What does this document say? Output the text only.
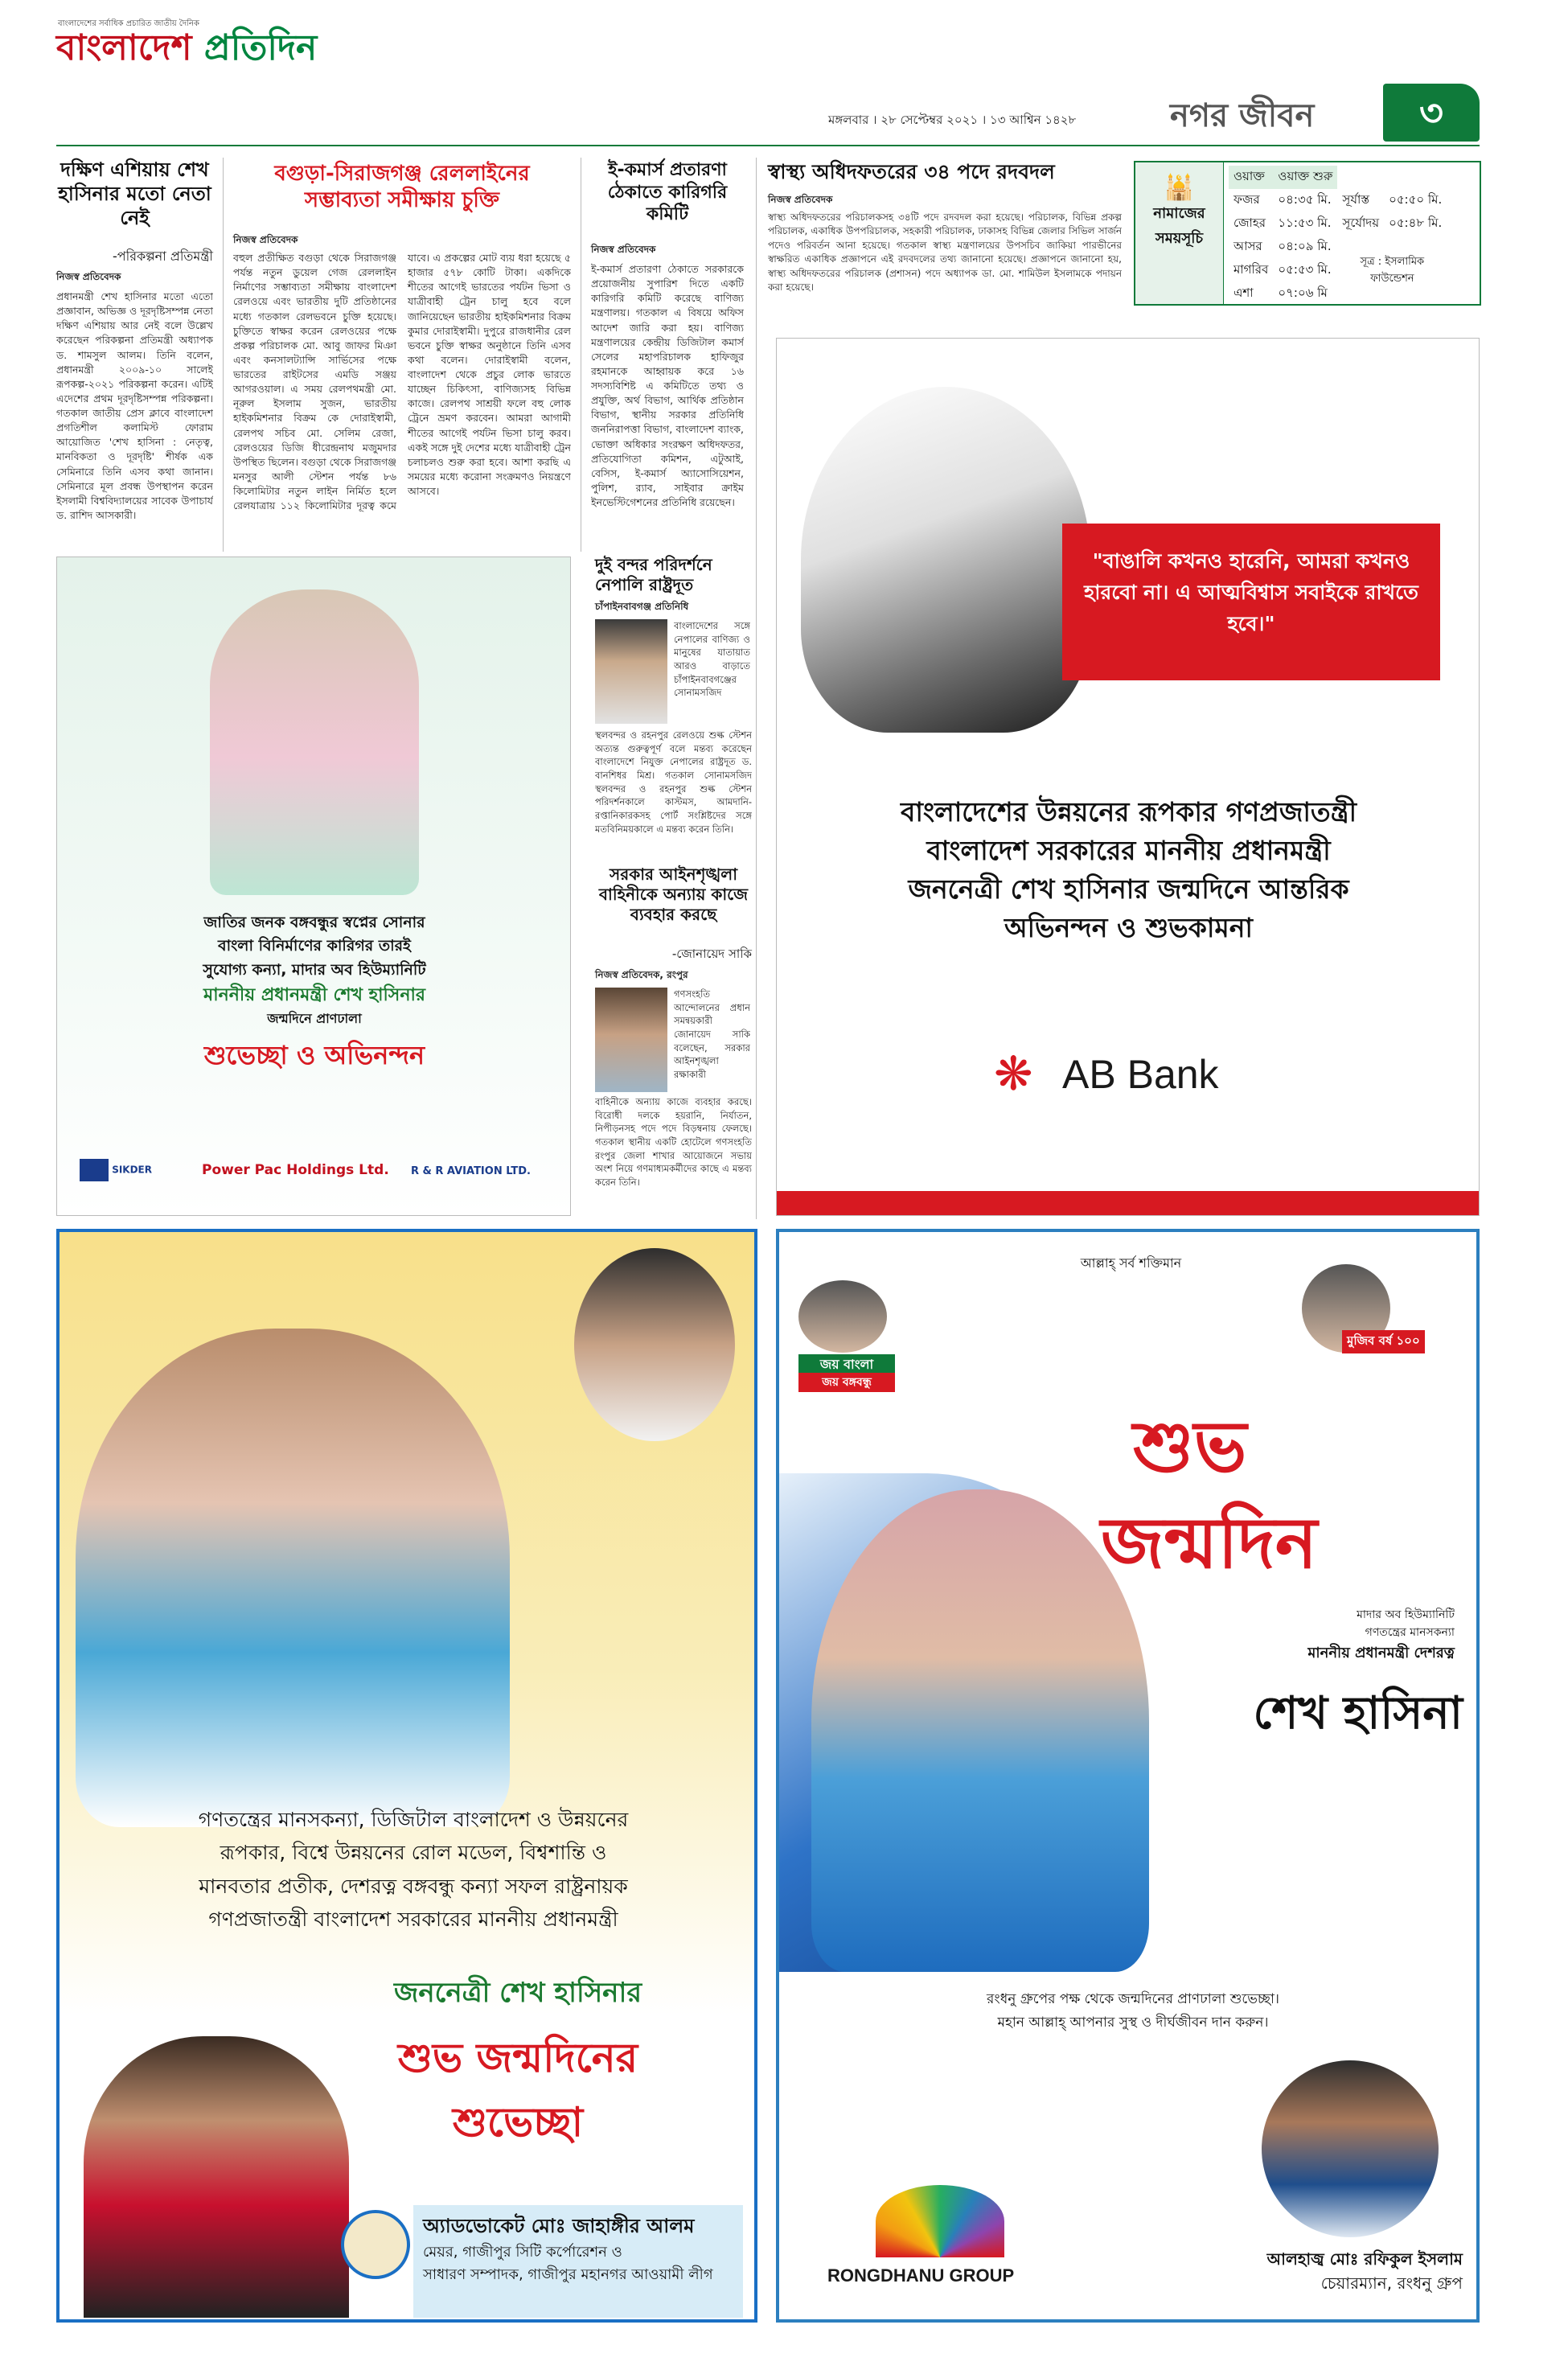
বাংলাদেশের সর্বাধিক প্রচারিত জাতীয় দৈনিক
বাংলাদেশ প্রতিদিন
মঙ্গলবার । ২৮ সেপ্টেম্বর ২০২১ । ১৩ আশ্বিন ১৪২৮	নগর জীবন	৩
দক্ষিণ এশিয়ায় শেখ হাসিনার মতো নেতা নেই
-পরিকল্পনা প্রতিমন্ত্রী
নিজস্ব প্রতিবেদক
প্রধানমন্ত্রী শেখ হাসিনার মতো এতো প্রজ্ঞাবান, অভিজ্ঞ ও দূরদৃষ্টিসম্পন্ন নেতা দক্ষিণ এশিয়ায় আর নেই বলে উল্লেখ করেছেন পরিকল্পনা প্রতিমন্ত্রী অধ্যাপক ড. শামসুল আলম। তিনি বলেন, প্রধানমন্ত্রী ২০০৯-১০ সালেই রূপকল্প-২০২১ পরিকল্পনা করেন। এটিই এদেশের প্রথম দূরদৃষ্টিসম্পন্ন পরিকল্পনা। গতকাল জাতীয় প্রেস ক্লাবে বাংলাদেশ প্রগতিশীল কলামিস্ট ফোরাম আয়োজিত 'শেখ হাসিনা : নেতৃত্ব, মানবিকতা ও দূরদৃষ্টি' শীর্ষক এক সেমিনারে তিনি এসব কথা জানান। সেমিনারে মূল প্রবন্ধ উপস্থাপন করেন ইসলামী বিশ্ববিদ্যালয়ের সাবেক উপাচার্য ড. রাশিদ আসকারী।
বগুড়া-সিরাজগঞ্জ রেললাইনের
সম্ভাব্যতা সমীক্ষায় চুক্তি
নিজস্ব প্রতিবেদক
বহুল প্রতীক্ষিত বগুড়া থেকে সিরাজগঞ্জ পর্যন্ত নতুন ডুয়েল গেজ রেললাইন নির্মাণের সম্ভাব্যতা সমীক্ষায় বাংলাদেশ রেলওয়ে এবং ভারতীয় দুটি প্রতিষ্ঠানের মধ্যে গতকাল রেলভবনে চুক্তি হয়েছে। চুক্তিতে স্বাক্ষর করেন রেলওয়ের পক্ষে প্রকল্প পরিচালক মো. আবু জাফর মিঞা এবং কনসালট্যান্সি সার্ভিসের পক্ষে ভারতের রাইটসের এমডি সঞ্জয় আগরওয়াল। এ সময় রেলপথমন্ত্রী মো. নূরুল ইসলাম সুজন, ভারতীয় হাইকমিশনার বিক্রম কে দোরাইস্বামী, রেলপথ সচিব মো. সেলিম রেজা, রেলওয়ের ডিজি ধীরেন্দ্রনাথ মজুমদার উপস্থিত ছিলেন। বগুড়া থেকে সিরাজগঞ্জ মনসুর আলী স্টেশন পর্যন্ত ৮৬ কিলোমিটার নতুন লাইন নির্মিত হলে রেলযাত্রায় ১১২ কিলোমিটার দূরত্ব কমে যাবে। এ প্রকল্পের মোট ব্যয় ধরা হয়েছে ৫ হাজার ৫৭৮ কোটি টাকা। একদিকে শীতের আগেই ভারতের পর্যটন ভিসা ও যাত্রীবাহী ট্রেন চালু হবে বলে জানিয়েছেন ভারতীয় হাইকমিশনার বিক্রম কুমার দোরাইস্বামী। দুপুরে রাজধানীর রেল ভবনে চুক্তি স্বাক্ষর অনুষ্ঠানে তিনি এসব কথা বলেন। দোরাইস্বামী বলেন, বাংলাদেশ থেকে প্রচুর লোক ভারতে যাচ্ছেন চিকিৎসা, বাণিজ্যসহ বিভিন্ন কাজে। রেলপথ সাশ্রয়ী ফলে বহু লোক ট্রেনে ভ্রমণ করবেন। আমরা আগামী শীতের আগেই পর্যটন ভিসা চালু করব। একই সঙ্গে দুই দেশের মধ্যে যাত্রীবাহী ট্রেন চলাচলও শুরু করা হবে। আশা করছি এ সময়ের মধ্যে করোনা সংক্রমণও নিয়ন্ত্রণে আসবে।
ই-কমার্স প্রতারণা ঠেকাতে কারিগরি কমিটি
নিজস্ব প্রতিবেদক
ই-কমার্স প্রতারণা ঠেকাতে সরকারকে প্রয়োজনীয় সুপারিশ দিতে একটি কারিগরি কমিটি করেছে বাণিজ্য মন্ত্রণালয়। গতকাল এ বিষয়ে অফিস আদেশ জারি করা হয়। বাণিজ্য মন্ত্রণালয়ের কেন্দ্রীয় ডিজিটাল কমার্স সেলের মহাপরিচালক হাফিজুর রহমানকে আহ্বায়ক করে ১৬ সদস্যবিশিষ্ট এ কমিটিতে তথ্য ও প্রযুক্তি, অর্থ বিভাগ, আর্থিক প্রতিষ্ঠান বিভাগ, স্থানীয় সরকার প্রতিনিধি জননিরাপত্তা বিভাগ, বাংলাদেশ ব্যাংক, ভোক্তা অধিকার সংরক্ষণ অধিদফতর, প্রতিযোগিতা কমিশন, এটুআই, বেসিস, ই-কমার্স অ্যাসোসিয়েশন, পুলিশ, র‍্যাব, সাইবার ক্রাইম ইনভেস্টিগেশনের প্রতিনিধি রয়েছেন।
স্বাস্থ্য অধিদফতরের ৩৪ পদে রদবদল
নিজস্ব প্রতিবেদক
স্বাস্থ্য অধিদফতরের পরিচালকসহ ৩৪টি পদে রদবদল করা হয়েছে। পরিচালক, বিভিন্ন প্রকল্প পরিচালক, একাধিক উপপরিচালক, সহকারী পরিচালক, ঢাকাসহ বিভিন্ন জেলার সিভিল সার্জন পদেও পরিবর্তন আনা হয়েছে। গতকাল স্বাস্থ্য মন্ত্রণালয়ের উপসচিব জাকিয়া পারভীনের স্বাক্ষরিত একাধিক প্রজ্ঞাপনে এই রদবদলের তথ্য জানানো হয়েছে। প্রজ্ঞাপনে জানানো হয়, স্বাস্থ্য অধিদফতরের পরিচালক (প্রশাসন) পদে অধ্যাপক ডা. মো. শামিউল ইসলামকে পদায়ন করা হয়েছে।
🕌
নামাজের
সময়সূচি
ওয়াক্ত	ওয়াক্ত শুরু		
ফজর	০৪:৩৫ মি.	সূর্যাস্ত	০৫:৫০ মি.
জোহর	১১:৫৩ মি.	সূর্যোদয়	০৫:৪৮ মি.
আসর	০৪:০৯ মি.	সূত্র : ইসলামিক ফাউন্ডেশন	
মাগরিব	০৫:৫৩ মি.		
এশা	০৭:০৬ মি		
জাতির জনক বঙ্গবন্ধুর স্বপ্নের সোনার
বাংলা বিনির্মাণের কারিগর তারই
সুযোগ্য কন্যা, মাদার অব হিউম্যানিটি
মাননীয় প্রধানমন্ত্রী শেখ হাসিনার
জন্মদিনে প্রাণঢালা
শুভেচ্ছা ও অভিনন্দন
SIKDER	Power Pac Holdings Ltd. R & R AVIATION LTD.
দুই বন্দর পরিদর্শনে নেপালি রাষ্ট্রদূত
চাঁপাইনবাবগঞ্জ প্রতিনিধি
বাংলাদেশের সঙ্গে নেপালের বাণিজ্য ও মানুষের যাতায়াত আরও বাড়াতে চাঁপাইনবাবগঞ্জের সোনামসজিদ
স্থলবন্দর ও রহনপুর রেলওয়ে শুল্ক স্টেশন অত্যন্ত গুরুত্বপূর্ণ বলে মন্তব্য করেছেন বাংলাদেশে নিযুক্ত নেপালের রাষ্ট্রদূত ড. বানশিধর মিশ্র। গতকাল সোনামসজিদ স্থলবন্দর ও রহনপুর শুল্ক স্টেশন পরিদর্শনকালে কাস্টমস, আমদানি-রপ্তানিকারকসহ পোর্ট সংশ্লিষ্টদের সঙ্গে মতবিনিময়কালে এ মন্তব্য করেন তিনি।
সরকার আইনশৃঙ্খলা বাহিনীকে অন্যায় কাজে ব্যবহার করছে
-জোনায়েদ সাকি
নিজস্ব প্রতিবেদক, রংপুর
গণসংহতি আন্দোলনের প্রধান সমন্বয়কারী জোনায়েদ সাকি বলেছেন, সরকার আইনশৃঙ্খলা রক্ষাকারী
বাহিনীকে অন্যায় কাজে ব্যবহার করছে। বিরোধী দলকে হয়রানি, নির্যাতন, নিপীড়নসহ পদে পদে বিড়ম্বনায় ফেলছে। গতকাল স্থানীয় একটি হোটেলে গণসংহতি রংপুর জেলা শাখার আয়োজনে সভায় অংশ নিয়ে গণমাধ্যমকর্মীদের কাছে এ মন্তব্য করেন তিনি।
"বাঙালি কখনও হারেনি, আমরা কখনও হারবো না। এ আত্মবিশ্বাস সবাইকে রাখতে হবে।"
বাংলাদেশের উন্নয়নের রূপকার গণপ্রজাতন্ত্রী
বাংলাদেশ সরকারের মাননীয় প্রধানমন্ত্রী
জননেত্রী শেখ হাসিনার জন্মদিনে আন্তরিক
অভিনন্দন ও শুভকামনা
❋ AB Bank
গণতন্ত্রের মানসকন্যা, ডিজিটাল বাংলাদেশ ও উন্নয়নের
রূপকার, বিশ্বে উন্নয়নের রোল মডেল, বিশ্বশান্তি ও
মানবতার প্রতীক, দেশরত্ন বঙ্গবন্ধু কন্যা সফল রাষ্ট্রনায়ক
গণপ্রজাতন্ত্রী বাংলাদেশ সরকারের মাননীয় প্রধানমন্ত্রী
জননেত্রী শেখ হাসিনার
শুভ জন্মদিনের
শুভেচ্ছা
অ্যাডভোকেট মোঃ জাহাঙ্গীর আলম
মেয়র, গাজীপুর সিটি কর্পোরেশন ও
সাধারণ সম্পাদক, গাজীপুর মহানগর আওয়ামী লীগ
আল্লাহ্‌ সর্ব শক্তিমান
জয় বাংলা
জয় বঙ্গবন্ধু
মুজিব বর্ষ ১০০
শুভ
জন্মদিন
মাদার অব হিউম্যানিটি
গণতন্ত্রের মানসকন্যা
মাননীয় প্রধানমন্ত্রী দেশরত্ন
শেখ হাসিনা
রংধনু গ্রুপের পক্ষ থেকে জন্মদিনের প্রাণঢালা শুভেচ্ছা।
মহান আল্লাহ্‌ আপনার সুস্থ ও দীর্ঘজীবন দান করুন।
RONGDHANU GROUP
আলহাজ্ব মোঃ রফিকুল ইসলাম
চেয়ারম্যান, রংধনু গ্রুপ
